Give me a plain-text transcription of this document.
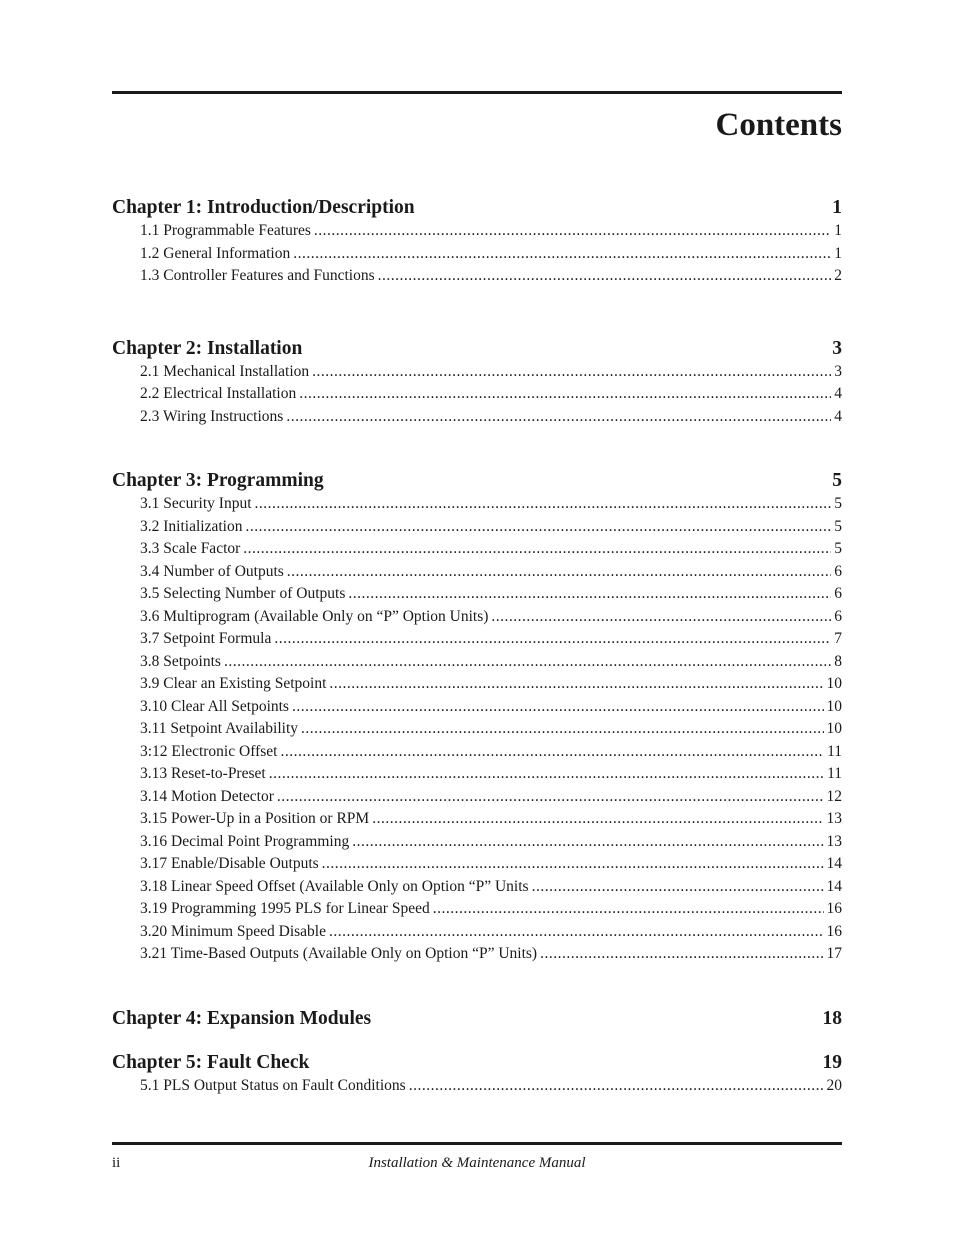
Contents
Chapter 1: Introduction/Description	1
1.1 Programmable Features .....	1
1.2 General Information .....	1
1.3 Controller Features and Functions .....	2
Chapter 2: Installation	3
2.1 Mechanical Installation .....	3
2.2 Electrical Installation .....	4
2.3 Wiring Instructions .....	4
Chapter 3: Programming	5
3.1 Security Input .....	5
3.2 Initialization .....	5
3.3 Scale Factor .....	5
3.4 Number of Outputs .....	6
3.5 Selecting Number of Outputs .....	6
3.6 Multiprogram (Available Only on “P” Option Units) .....	6
3.7 Setpoint Formula .....	7
3.8 Setpoints .....	8
3.9 Clear an Existing Setpoint .....	10
3.10 Clear All Setpoints .....	10
3.11 Setpoint Availability .....	10
3:12 Electronic Offset .....	11
3.13 Reset-to-Preset .....	11
3.14 Motion Detector .....	12
3.15 Power-Up in a Position or RPM .....	13
3.16 Decimal Point Programming .....	13
3.17 Enable/Disable Outputs .....	14
3.18 Linear Speed Offset (Available Only on Option “P” Units .....	14
3.19 Programming 1995 PLS for Linear Speed .....	16
3.20 Minimum Speed Disable .....	16
3.21 Time-Based Outputs (Available Only on Option “P” Units) .....	17
Chapter 4: Expansion Modules	18
Chapter 5: Fault Check	19
5.1 PLS Output Status on Fault Conditions .....	20
ii	Installation & Maintenance Manual
